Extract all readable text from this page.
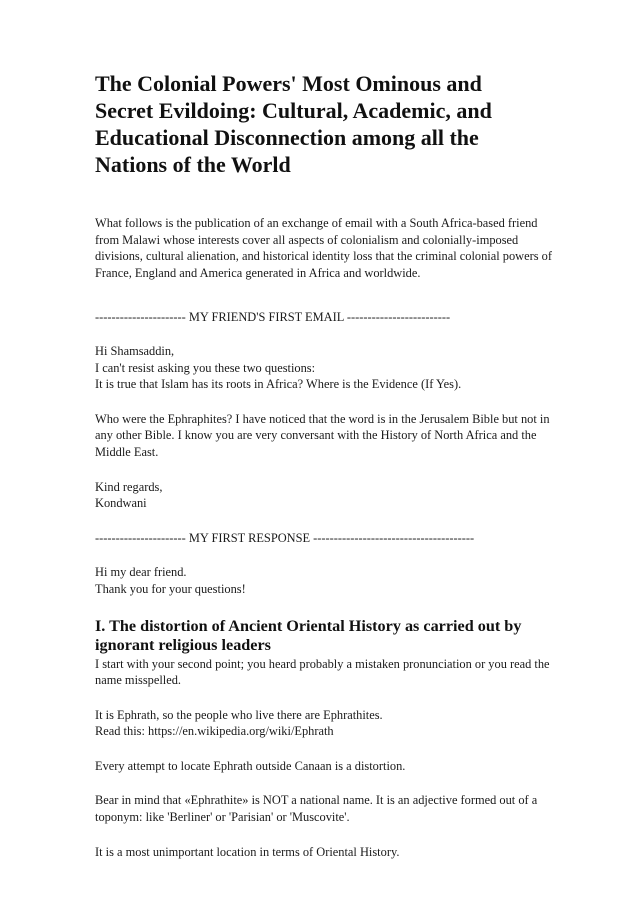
The Colonial Powers' Most Ominous and Secret Evildoing: Cultural, Academic, and Educational Disconnection among all the Nations of the World

What follows is the publication of an exchange of email with a South Africa-based friend from Malawi whose interests cover all aspects of colonialism and colonially-imposed divisions, cultural alienation, and historical identity loss that the criminal colonial powers of France, England and America generated in Africa and worldwide.

---------------------- MY FRIEND'S FIRST EMAIL -------------------------

Hi Shamsaddin,

I can't resist asking you these two questions:

It is true that Islam has its roots in Africa? Where is the Evidence (If Yes).

Who were the Ephraphites? I have noticed that the word is in the Jerusalem Bible but not in any other Bible. I know you are very conversant with the History of North Africa and the Middle East.

Kind regards,

Kondwani

---------------------- MY FIRST RESPONSE ---------------------------------------

Hi my dear friend.

Thank you for your questions!

I. The distortion of Ancient Oriental History as carried out by ignorant religious leaders

I start with your second point; you heard probably a mistaken pronunciation or you read the name misspelled.

It is Ephrath, so the people who live there are Ephrathites.

Read this: https://en.wikipedia.org/wiki/Ephrath

Every attempt to locate Ephrath outside Canaan is a distortion.

Bear in mind that «Ephrathite» is NOT a national name. It is an adjective formed out of a toponym: like 'Berliner' or 'Parisian' or 'Muscovite'.

It is a most unimportant location in terms of Oriental History.
